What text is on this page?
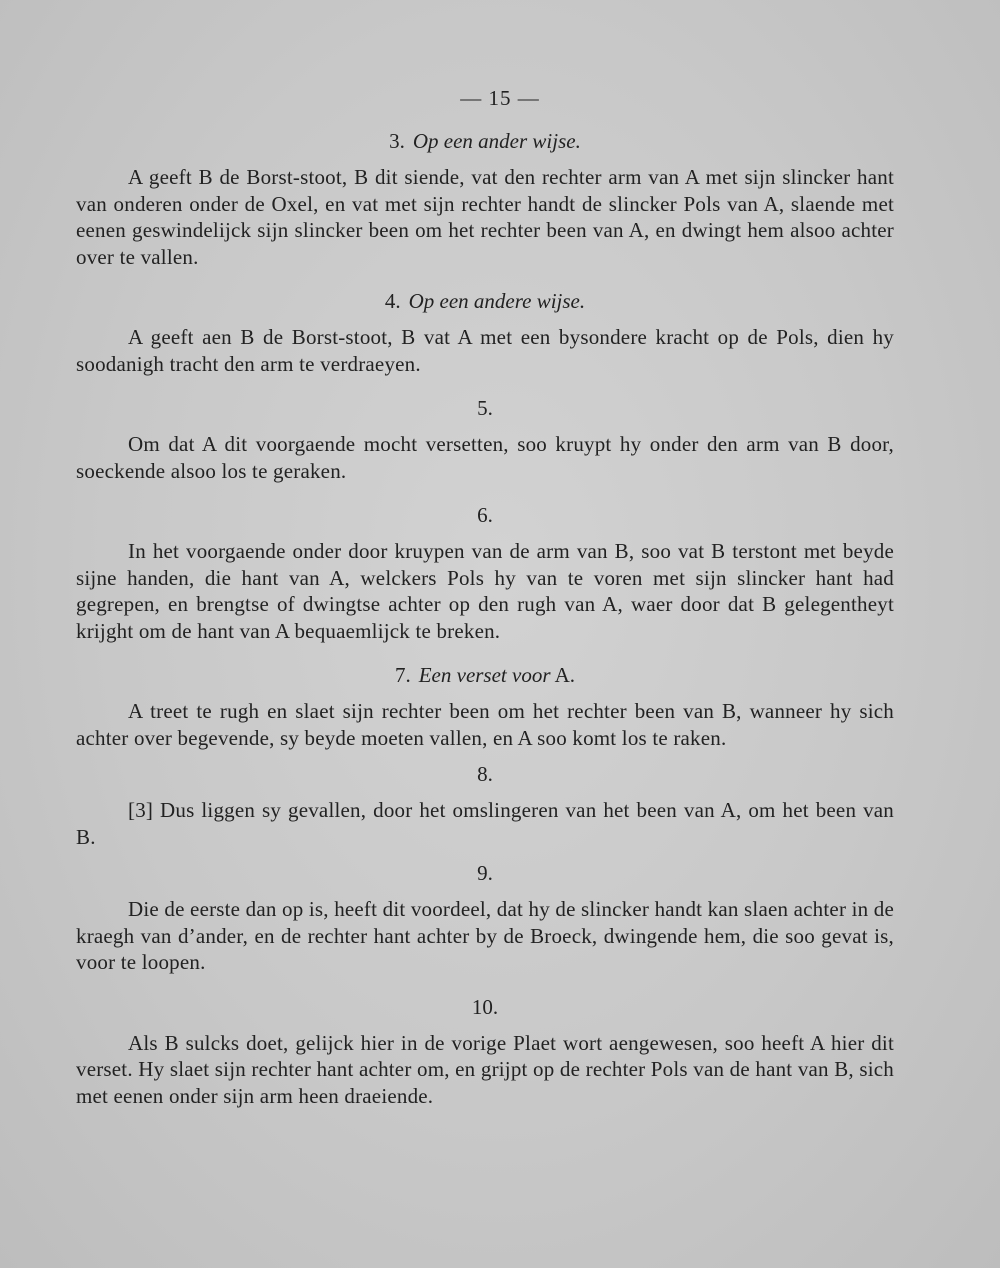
— 15 —
3. Op een ander wijse.

A geeft B de Borst-stoot, B dit siende, vat den rechter arm van A met sijn slincker hant van onderen onder de Oxel, en vat met sijn rechter handt de slincker Pols van A, slaende met eenen geswindelijck sijn slincker been om het rechter been van A, en dwingt hem alsoo achter over te vallen.

4. Op een andere wijse.

A geeft aen B de Borst-stoot, B vat A met een bysondere kracht op de Pols, dien hy soodanigh tracht den arm te verdraeyen.

5.

Om dat A dit voorgaende mocht versetten, soo kruypt hy onder den arm van B door, soeckende alsoo los te geraken.

6.

In het voorgaende onder door kruypen van de arm van B, soo vat B terstont met beyde sijne handen, die hant van A, welckers Pols hy van te voren met sijn slincker hant had gegrepen, en brengtse of dwingtse achter op den rugh van A, waer door dat B gelegentheyt krijght om de hant van A bequaemlijck te breken.

7. Een verset voor A.

A treet te rugh en slaet sijn rechter been om het rechter been van B, wanneer hy sich achter over begevende, sy beyde moeten vallen, en A soo komt los te raken.

8.

[3] Dus liggen sy gevallen, door het omslingeren van het been van A, om het been van B.

9.

Die de eerste dan op is, heeft dit voordeel, dat hy de slincker handt kan slaen achter in de kraegh van d’ander, en de rechter hant achter by de Broeck, dwingende hem, die soo gevat is, voor te loopen.

10.

Als B sulcks doet, gelijck hier in de vorige Plaet wort aengewesen, soo heeft A hier dit verset. Hy slaet sijn rechter hant achter om, en grijpt op de rechter Pols van de hant van B, sich met eenen onder sijn arm heen draeiende.
